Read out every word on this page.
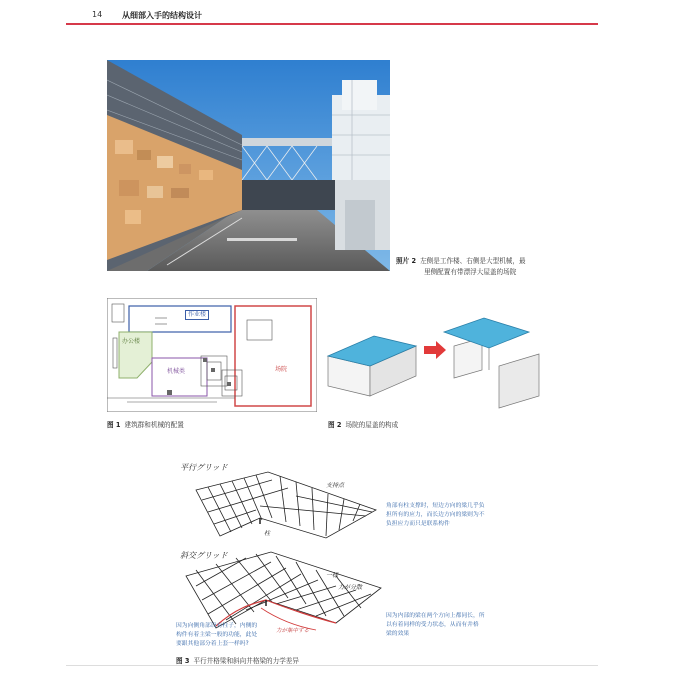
14 从细部入手的结构设计
照片 2 左侧是工作楼、右侧是大型机械，最
里侧配置有带漂浮大屋盖的场院
作业楼
办公楼
机械类	场院
图 1 建筑群和机械的配置	图 2 场院的屋盖的构成
平行グリッド
支持点
柱
斜交グリッド
一様
力が分散
力が集中する
角部有柱支撑时，短边方向的梁几乎负
担所有的应力，而长边方向的梁则为不
负担应力而只是联系构件
因为内部的梁在两个方向上都同长，所
以有着同样的受力状态，从而有井格
梁的效果
因为向侧角部设有柱子，内侧的
构件有着主梁一般的功能，此处
要跟其他部分着上套一样吗?
图 3 平行井格梁和斜向井格梁的力学差异
